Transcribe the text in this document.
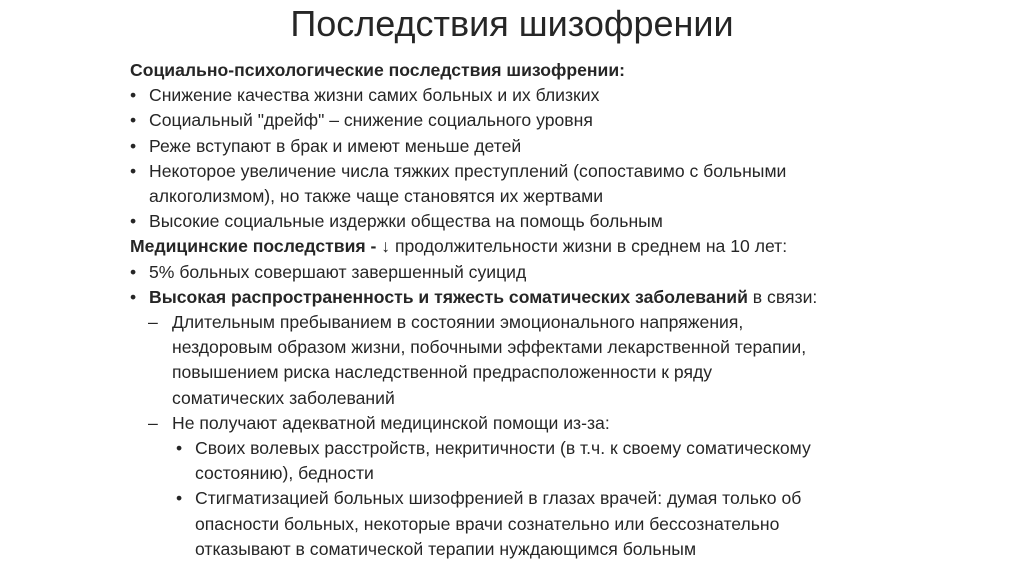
Последствия шизофрении
Социально-психологические последствия шизофрении:
• Снижение качества жизни самих больных и их близких
• Социальный "дрейф" – снижение социального уровня
• Реже вступают в брак и имеют меньше детей
• Некоторое увеличение числа тяжких преступлений (сопоставимо с больными
алкоголизмом), но также чаще становятся их жертвами
• Высокие социальные издержки общества на помощь больным
Медицинские последствия - ↓ продолжительности жизни в среднем на 10 лет:
• 5% больных совершают завершенный суицид
• Высокая распространенность и тяжесть соматических заболеваний в связи:
– Длительным пребыванием в состоянии эмоционального напряжения,
нездоровым образом жизни, побочными эффектами лекарственной терапии,
повышением риска наследственной предрасположенности к ряду
соматических заболеваний
– Не получают адекватной медицинской помощи из-за:
• Своих волевых расстройств, некритичности (в т.ч. к своему соматическому
состоянию), бедности
• Стигматизацией больных шизофренией в глазах врачей: думая только об
опасности больных, некоторые врачи сознательно или бессознательно
отказывают в соматической терапии нуждающимся больным
